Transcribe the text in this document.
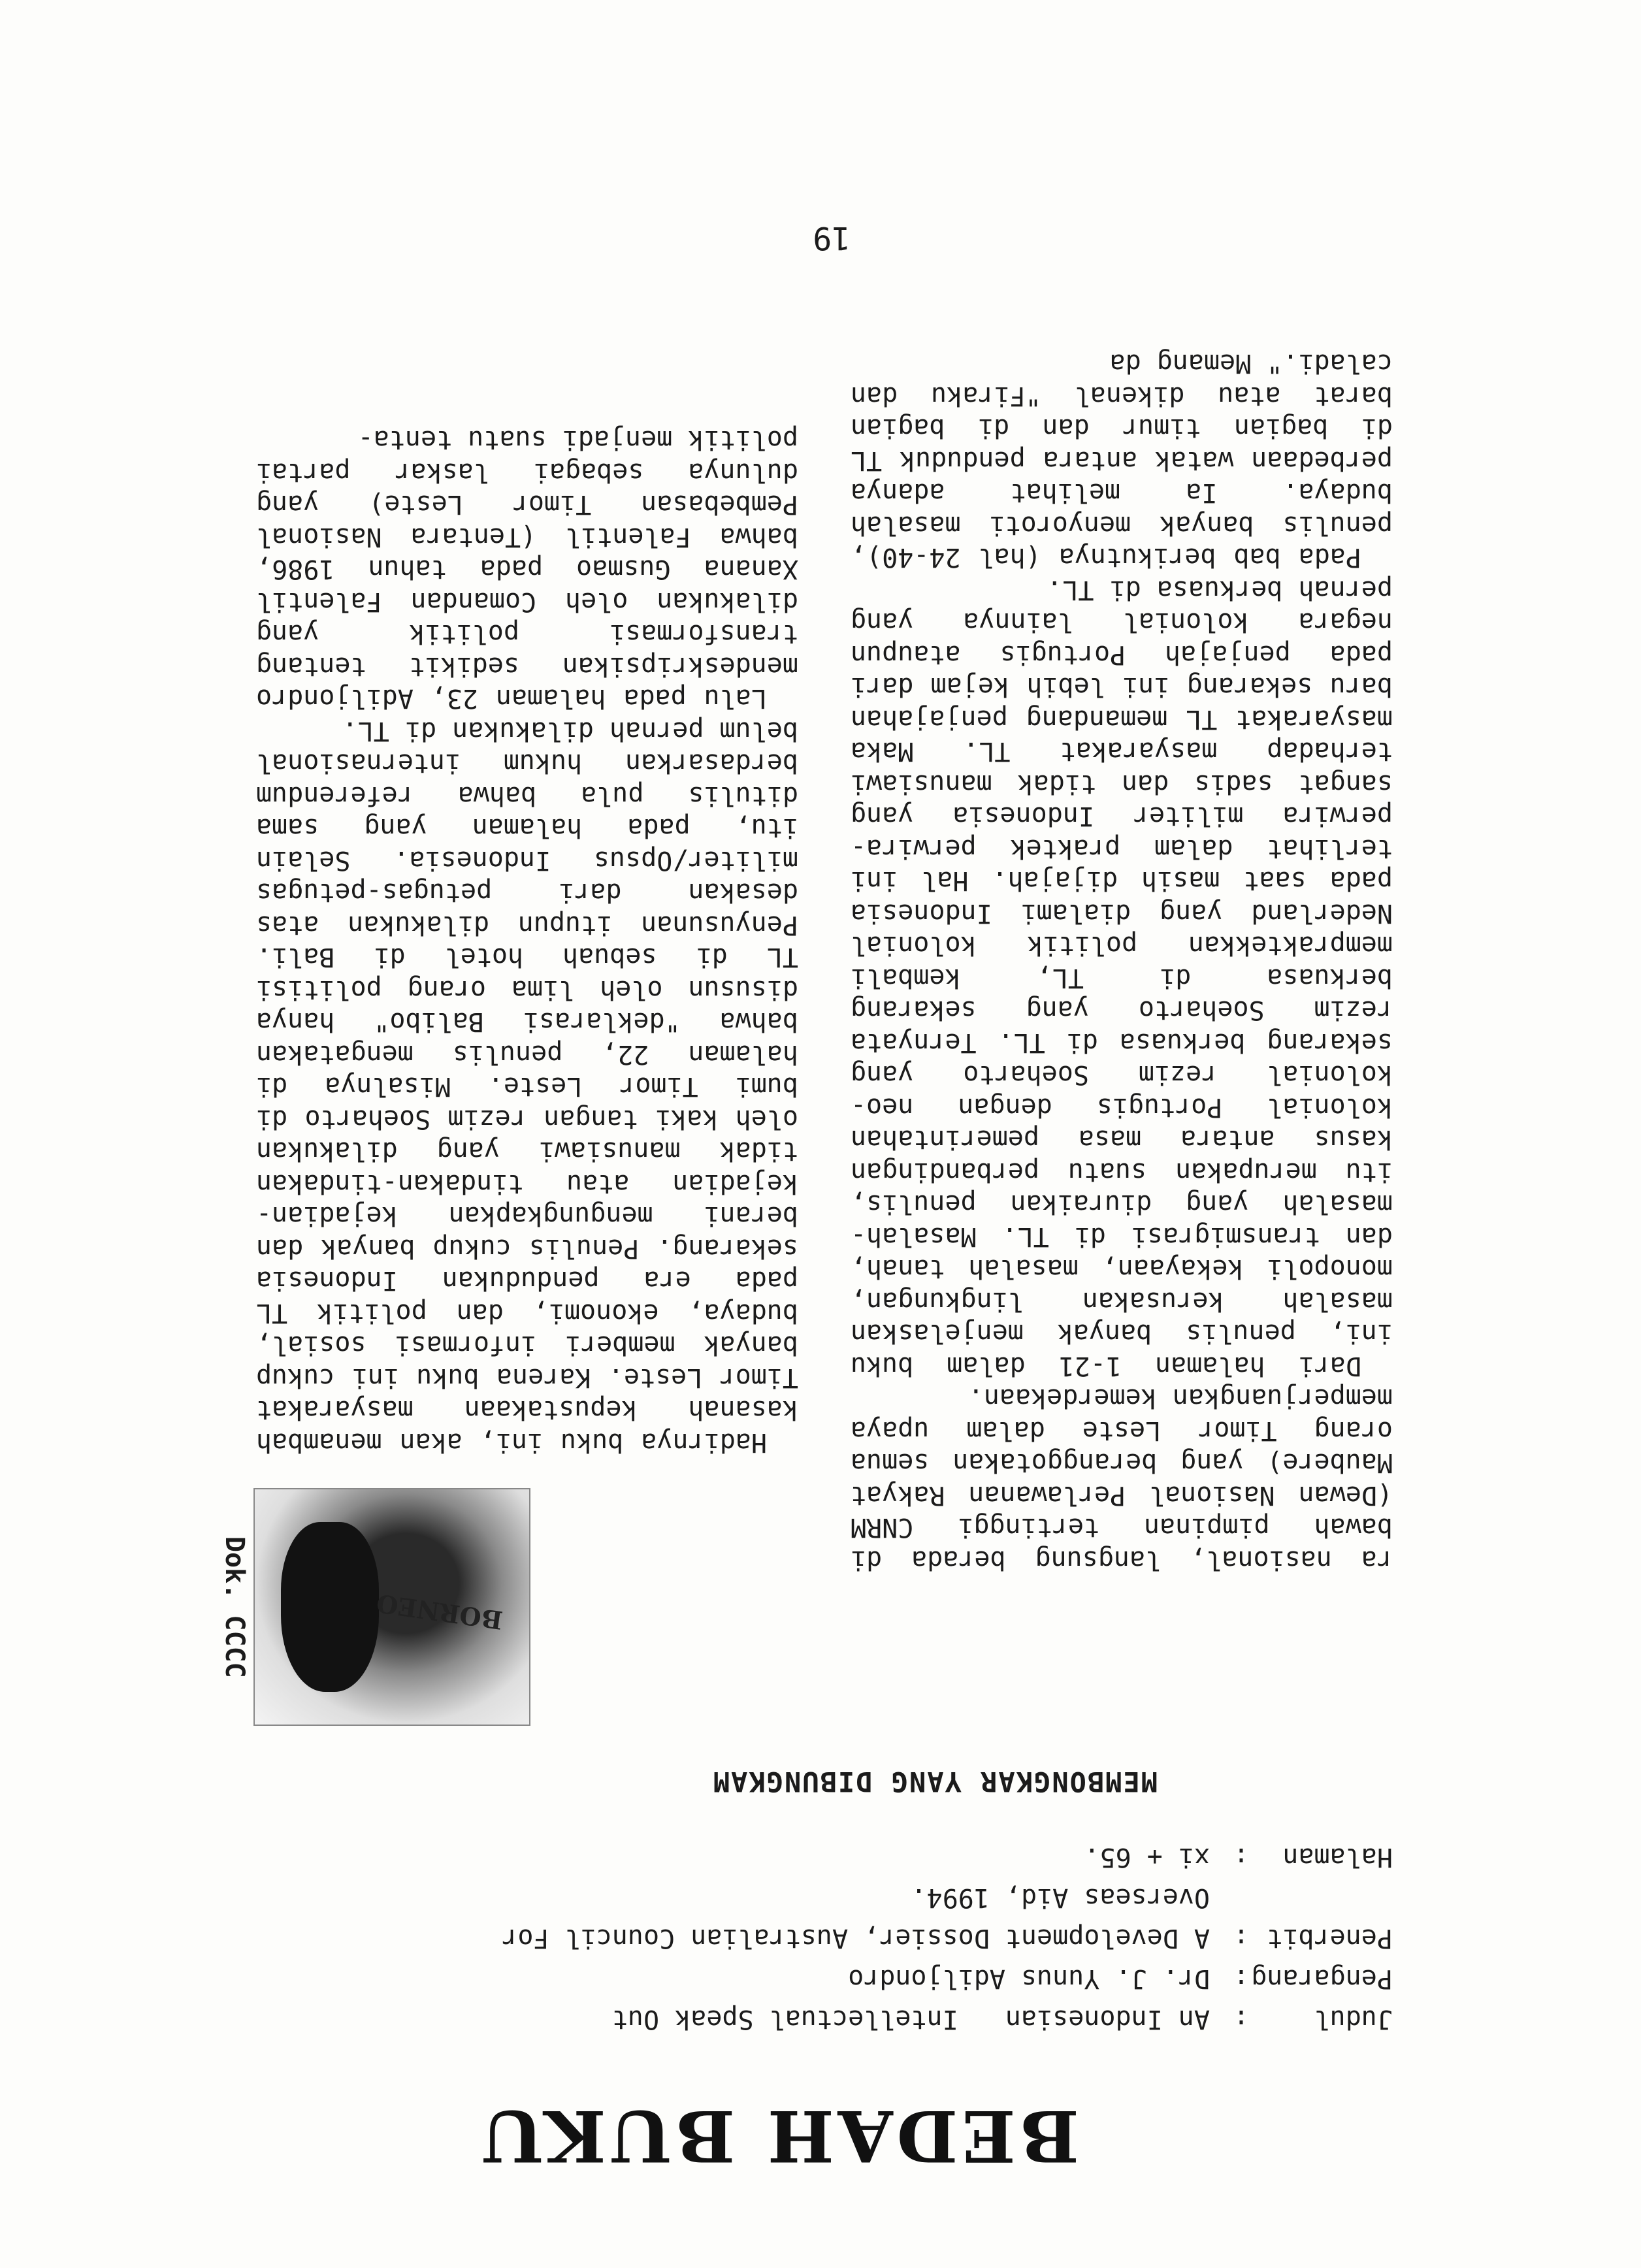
BEDAH BUKU
Judul
:
An Indonesian   Intellectual Speak Out
Pengarang
:
Dr. J. Yunus Adiljondro
Penerbit
:
A Development Dossier, Australian Council For
Overseas Aid, 1994.
Halaman
:
xi + 65.
MEMBONGKAR YANG DIBUNGKAM

ra nasional, langsung berada di bawah pimpinan tertinggi CNRM (Dewan Nasional Perlawanan Rakyat Maubere) yang beranggotakan semua orang Timor Leste dalam upaya memperjuangkan kemerdekaan.

Dari halaman 1-21 dalam buku ini, penulis banyak menjelaskan masalah kerusakan lingkungan, monopoli kekayaan, masalah tanah, dan transmigrasi di TL. Masalah-masalah yang diuraikan penulis, itu merupakan suatu perbandingan kasus antara masa pemerintahan kolonial Portugis dengan neo-kolonial rezim Soeharto yang sekarang berkuasa di TL. Ternyata rezim Soeharto yang sekarang berkuasa di TL, kembali mempraktekkan politik kolonial Nederland yang dialami Indonesia pada saat masih dijajah. Hal ini terlihat dalam praktek perwira-perwira militer Indonesia yang sangat sadis dan tidak manusiawi terhadap masyarakat TL. Maka masyarakat TL memandang penjajahan baru sekarang ini lebih kejam dari pada penjajah Portugis ataupun negara kolonial lainnya yang pernah berkuasa di TL.

Pada bab berikutnya (hal 24-40), penulis banyak menyoroti masalah budaya. Ia melihat adanya perbedaan watak antara penduduk TL di bagian timur dan di bagian barat atau dikenal "Firaku dan caladi." Memang da

BORNEO
Dok. CCCC

Hadirnya buku ini, akan menambah kasanah kepustakaan masyarakat Timor Leste. Karena buku ini cukup banyak memberi informasi sosial, budaya, ekonomi, dan politik TL pada era pendudukan Indonesia sekarang. Penulis cukup banyak dan berani mengungkapkan kejadian-kejadian atau tindakan-tindakan tidak manusiawi yang dilakukan oleh kaki tangan rezim Soeharto di bumi Timor Leste. Misalnya di halaman 22, penulis mengatakan bahwa "deklarasi Balibo" hanya disusun oleh lima orang politisi TL di sebuah hotel di Bali. Penyusunan itupun dilakukan atas desakan dari petugas-petugas militer/Opsus Indonesia. Selain itu, pada halaman yang sama ditulis pula bahwa referendum berdasarkan hukum internasional belum pernah dilakukan di TL.

Lalu pada halaman 23, Adiljondro mendeskripsikan sedikit tentang transformasi politik yang dilakukan oleh Comandan Falentil Xanana Gusmao pada tahun 1986, bahwa Falentil (Tentara Nasional Pembebasan Timor Leste) yang dulunya sebagai laskar partai politik menjadi suatu tenta-

19
